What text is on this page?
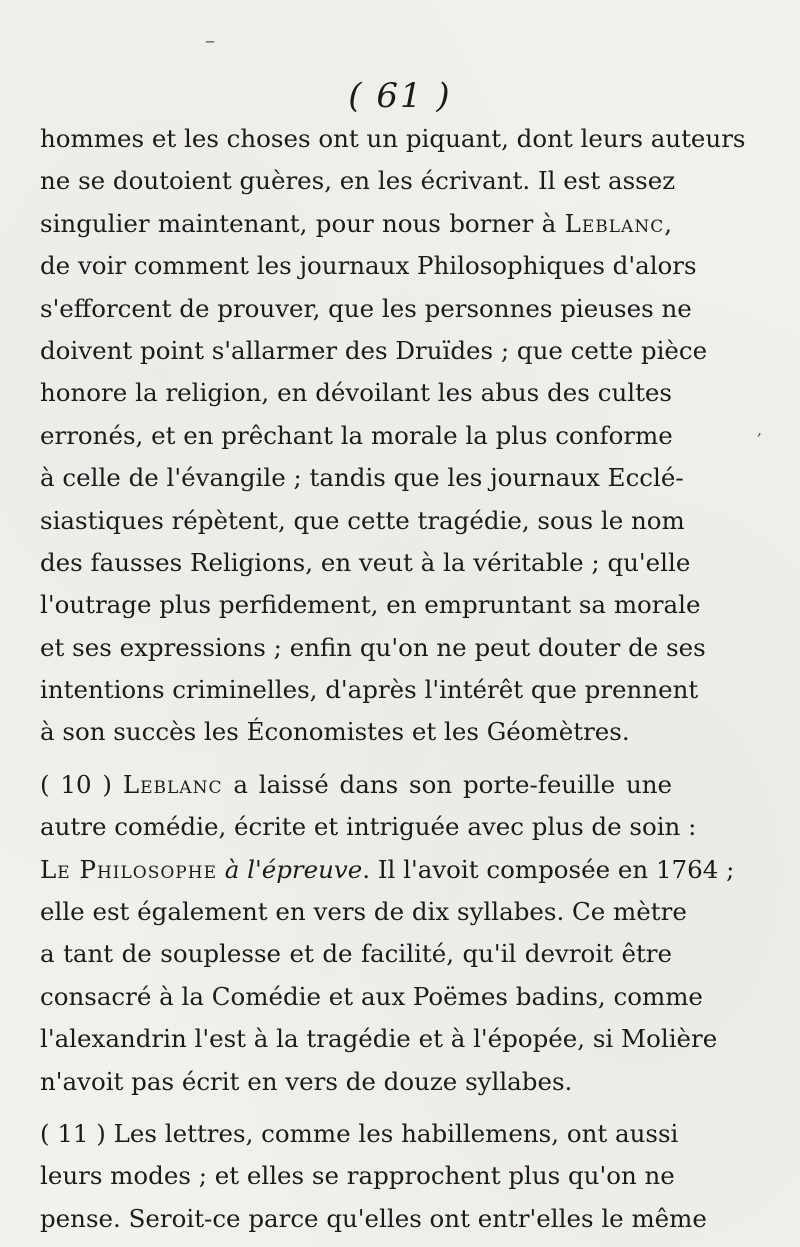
( 61 )
hommes et les choses ont un piquant, dont leurs auteurs
ne se doutoient guères, en les écrivant. Il est assez
singulier maintenant, pour nous borner à Leblanc,
de voir comment les journaux Philosophiques d'alors
s'efforcent de prouver, que les personnes pieuses ne
doivent point s'allarmer des Druïdes ; que cette pièce
honore la religion, en dévoilant les abus des cultes
erronés, et en prêchant la morale la plus conforme
à celle de l'évangile ; tandis que les journaux Ecclé-
siastiques répètent, que cette tragédie, sous le nom
des fausses Religions, en veut à la véritable ; qu'elle
l'outrage plus perfidement, en empruntant sa morale
et ses expressions ; enfin qu'on ne peut douter de ses
intentions criminelles, d'après l'intérêt que prennent
à son succès les Économistes et les Géomètres.
( 10 ) Leblanc a laissé dans son porte-feuille une
autre comédie, écrite et intriguée avec plus de soin :
Le Philosophe à l'épreuve. Il l'avoit composée en 1764 ;
elle est également en vers de dix syllabes. Ce mètre
a tant de souplesse et de facilité, qu'il devroit être
consacré à la Comédie et aux Poëmes badins, comme
l'alexandrin l'est à la tragédie et à l'épopée, si Molière
n'avoit pas écrit en vers de douze syllabes.
( 11 ) Les lettres, comme les habillemens, ont aussi
leurs modes ; et elles se rapprochent plus qu'on ne
pense. Seroit-ce parce qu'elles ont entr'elles le même
–
,
